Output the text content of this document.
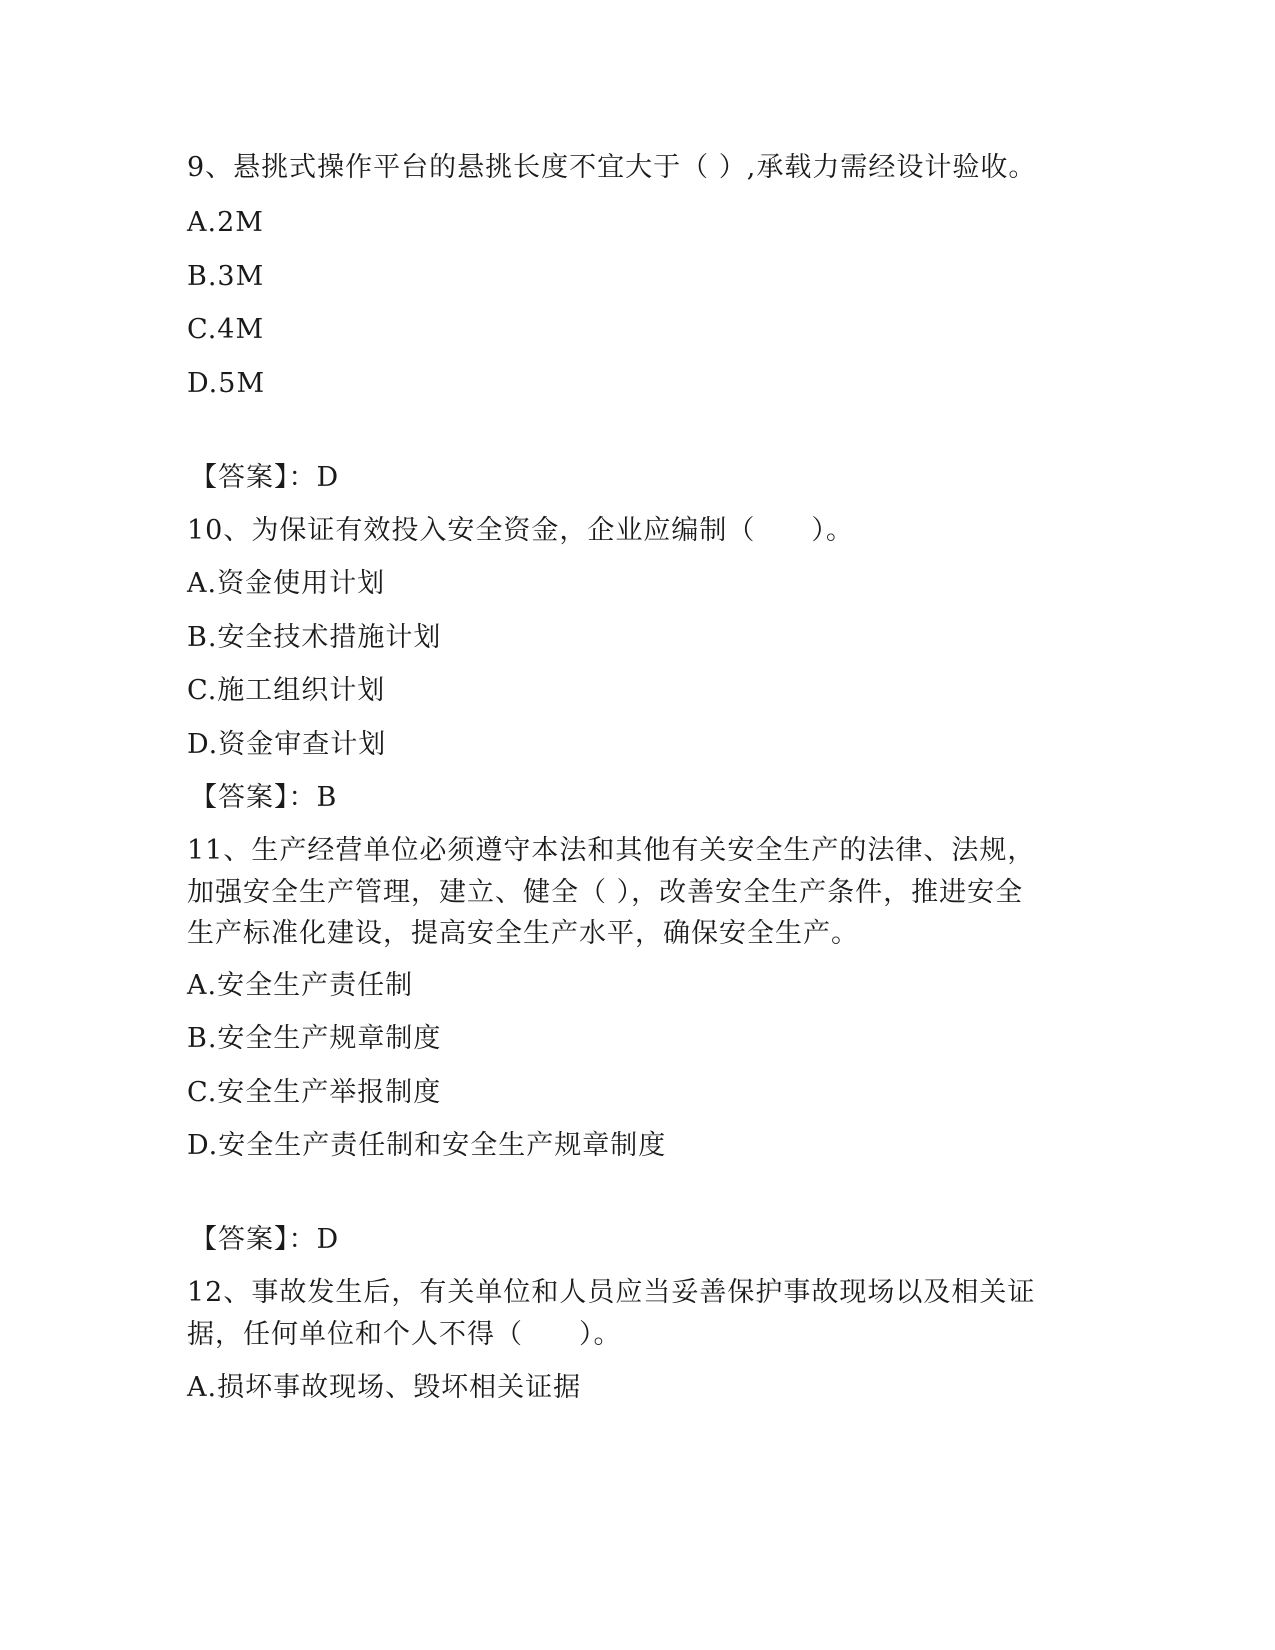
9、悬挑式操作平台的悬挑长度不宜大于（ ）,承载力需经设计验收。
A.2M
B.3M
C.4M
D.5M
【答案】：D
10、为保证有效投入安全资金，企业应编制（　　）。
A.资金使用计划
B.安全技术措施计划
C.施工组织计划
D.资金审查计划
【答案】：B
11、生产经营单位必须遵守本法和其他有关安全生产的法律、法规，
加强安全生产管理，建立、健全（ ），改善安全生产条件，推进安全
生产标准化建设，提高安全生产水平，确保安全生产。
A.安全生产责任制
B.安全生产规章制度
C.安全生产举报制度
D.安全生产责任制和安全生产规章制度
【答案】：D
12、事故发生后，有关单位和人员应当妥善保护事故现场以及相关证
据，任何单位和个人不得（　　）。
A.损坏事故现场、毁坏相关证据
